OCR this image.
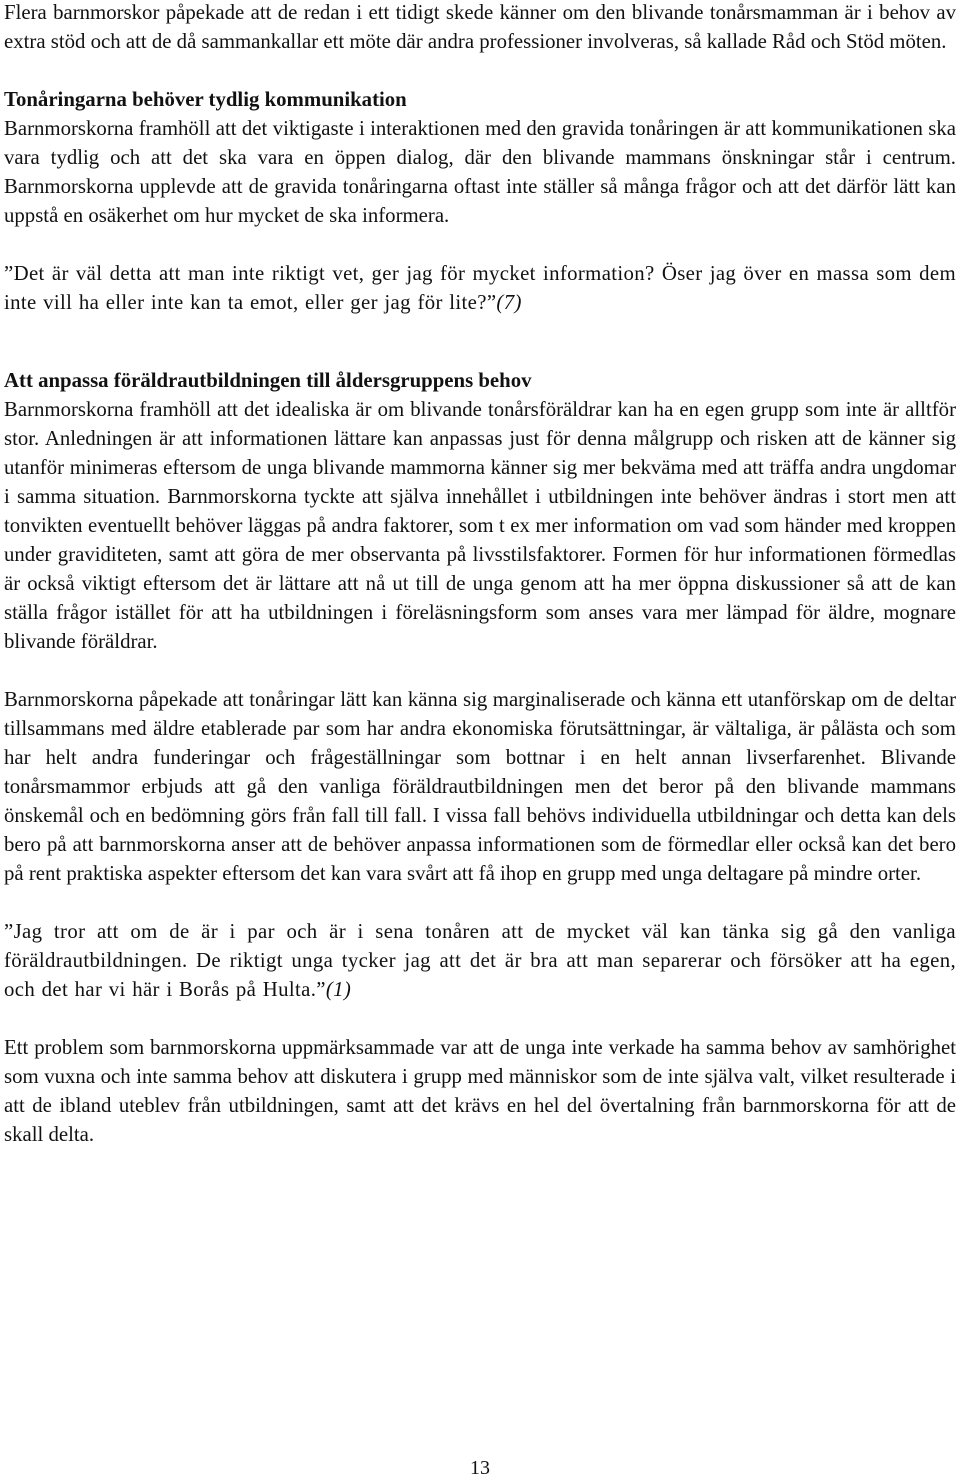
Flera barnmorskor påpekade att de redan i ett tidigt skede känner om den blivande tonårsmamman är i behov av extra stöd och att de då sammankallar ett möte där andra professioner involveras, så kallade Råd och Stöd möten.

Tonåringarna behöver tydlig kommunikation

Barnmorskorna framhöll att det viktigaste i interaktionen med den gravida tonåringen är att kommunikationen ska vara tydlig och att det ska vara en öppen dialog, där den blivande mammans önskningar står i centrum. Barnmorskorna upplevde att de gravida tonåringarna oftast inte ställer så många frågor och att det därför lätt kan uppstå en osäkerhet om hur mycket de ska informera.

”Det är väl detta att man inte riktigt vet, ger jag för mycket information? Öser jag över en massa som dem inte vill ha eller inte kan ta emot, eller ger jag för lite?”(7)

Att anpassa föräldrautbildningen till åldersgruppens behov

Barnmorskorna framhöll att det idealiska är om blivande tonårsföräldrar kan ha en egen grupp som inte är alltför stor. Anledningen är att informationen lättare kan anpassas just för denna målgrupp och risken att de känner sig utanför minimeras eftersom de unga blivande mammorna känner sig mer bekväma med att träffa andra ungdomar i samma situation. Barnmorskorna tyckte att själva innehållet i utbildningen inte behöver ändras i stort men att tonvikten eventuellt behöver läggas på andra faktorer, som t ex mer information om vad som händer med kroppen under graviditeten, samt att göra de mer observanta på livsstilsfaktorer. Formen för hur informationen förmedlas är också viktigt eftersom det är lättare att nå ut till de unga genom att ha mer öppna diskussioner så att de kan ställa frågor istället för att ha utbildningen i föreläsningsform som anses vara mer lämpad för äldre, mognare blivande föräldrar.

Barnmorskorna påpekade att tonåringar lätt kan känna sig marginaliserade och känna ett utanförskap om de deltar tillsammans med äldre etablerade par som har andra ekonomiska förutsättningar, är vältaliga, är pålästa och som har helt andra funderingar och frågeställningar som bottnar i en helt annan livserfarenhet. Blivande tonårsmammor erbjuds att gå den vanliga föräldrautbildningen men det beror på den blivande mammans önskemål och en bedömning görs från fall till fall. I vissa fall behövs individuella utbildningar och detta kan dels bero på att barnmorskorna anser att de behöver anpassa informationen som de förmedlar eller också kan det bero på rent praktiska aspekter eftersom det kan vara svårt att få ihop en grupp med unga deltagare på mindre orter.

”Jag tror att om de är i par och är i sena tonåren att de mycket väl kan tänka sig gå den vanliga föräldrautbildningen. De riktigt unga tycker jag att det är bra att man separerar och försöker att ha egen, och det har vi här i Borås på Hulta.”(1)

Ett problem som barnmorskorna uppmärksammade var att de unga inte verkade ha samma behov av samhörighet som vuxna och inte samma behov att diskutera i grupp med människor som de inte själva valt, vilket resulterade i att de ibland uteblev från utbildningen, samt att det krävs en hel del övertalning från barnmorskorna för att de skall delta.

13
